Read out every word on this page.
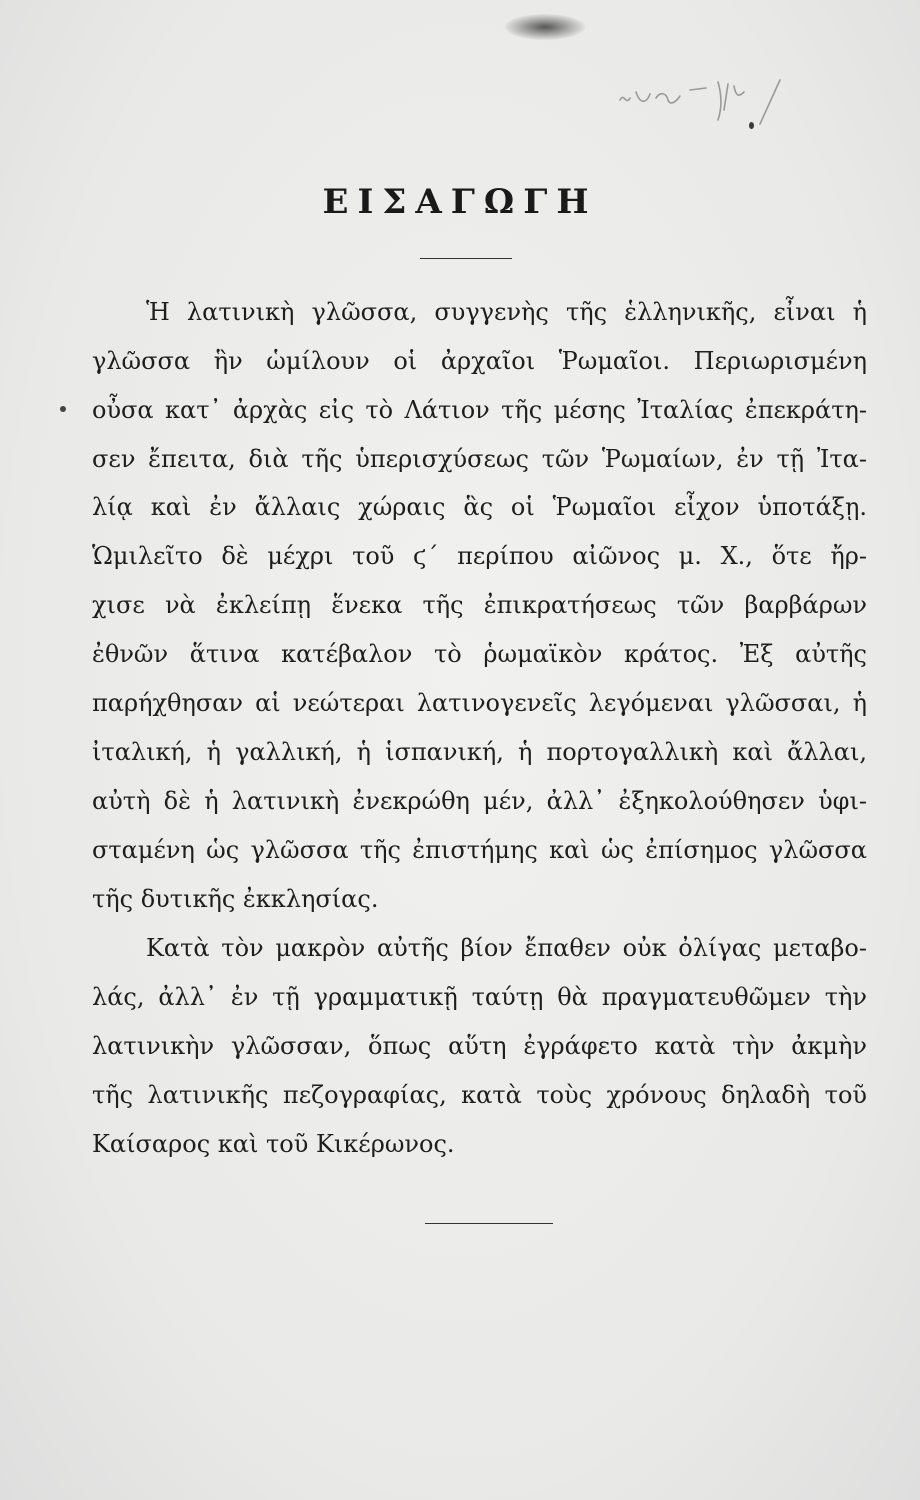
ΕΙΣΑΓΩΓΗ
Ἡ λατινικὴ γλῶσσα, συγγενὴς τῆς ἑλληνικῆς, εἶναι ἡ
γλῶσσα ἣν ὡμίλουν οἱ ἀρχαῖοι Ῥωμαῖοι. Περιωρισμένη
οὖσα κατ᾽ ἀρχὰς εἰς τὸ Λάτιον τῆς μέσης Ἰταλίας ἐπεκράτη-
σεν ἔπειτα, διὰ τῆς ὑπερισχύσεως τῶν Ῥωμαίων, ἐν τῇ Ἰτα-
λίᾳ καὶ ἐν ἄλλαις χώραις ἃς οἱ Ῥωμαῖοι εἶχον ὑποτάξῃ.
Ὡμιλεῖτο δὲ μέχρι τοῦ ϛ´ περίπου αἰῶνος μ. Χ., ὅτε ἤρ-
χισε νὰ ἐκλείπῃ ἕνεκα τῆς ἐπικρατήσεως τῶν βαρβάρων
ἐθνῶν ἅτινα κατέβαλον τὸ ῥωμαϊκὸν κράτος. Ἐξ αὐτῆς
παρήχθησαν αἱ νεώτεραι λατινογενεῖς λεγόμεναι γλῶσσαι, ἡ
ἰταλική, ἡ γαλλική, ἡ ἱσπανική, ἡ πορτογαλλικὴ καὶ ἄλλαι,
αὐτὴ δὲ ἡ λατινικὴ ἐνεκρώθη μέν, ἀλλ᾽ ἐξηκολούθησεν ὑφι-
σταμένη ὡς γλῶσσα τῆς ἐπιστήμης καὶ ὡς ἐπίσημος γλῶσσα
τῆς δυτικῆς ἐκκλησίας.
Κατὰ τὸν μακρὸν αὐτῆς βίον ἔπαθεν οὐκ ὀλίγας μεταβο-
λάς, ἀλλ᾽ ἐν τῇ γραμματικῇ ταύτῃ θὰ πραγματευθῶμεν τὴν
λατινικὴν γλῶσσαν, ὅπως αὕτη ἐγράφετο κατὰ τὴν ἀκμὴν
τῆς λατινικῆς πεζογραφίας, κατὰ τοὺς χρόνους δηλαδὴ τοῦ
Καίσαρος καὶ τοῦ Κικέρωνος.
